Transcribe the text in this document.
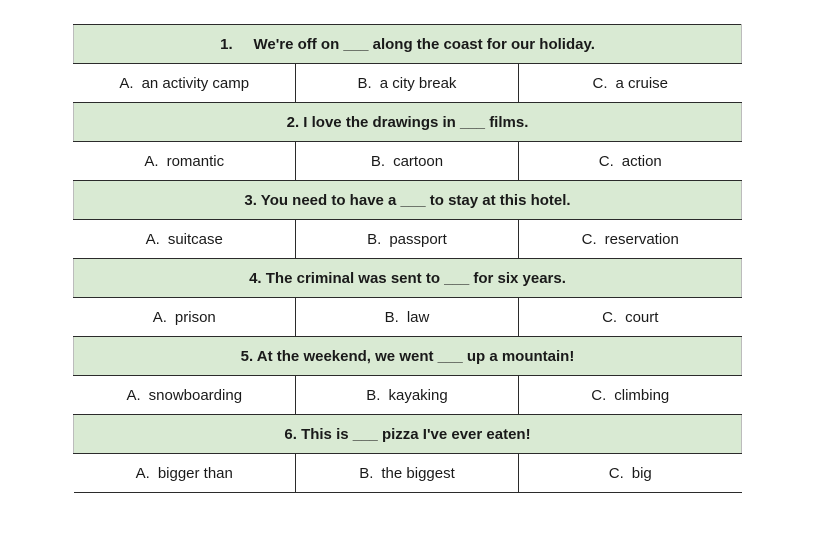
1.     We're off on ___ along the coast for our holiday.		
A. an activity camp	B. a city break	C. a cruise
2. I love the drawings in ___ films.		
A. romantic	B. cartoon	C. action
3. You need to have a ___ to stay at this hotel.		
A. suitcase	B. passport	C. reservation
4. The criminal was sent to ___ for six years.		
A. prison	B. law	C. court
5. At the weekend, we went ___ up a mountain!		
A. snowboarding	B. kayaking	C. climbing
6. This is ___ pizza I've ever eaten!		
A. bigger than	B. the biggest	C. big
